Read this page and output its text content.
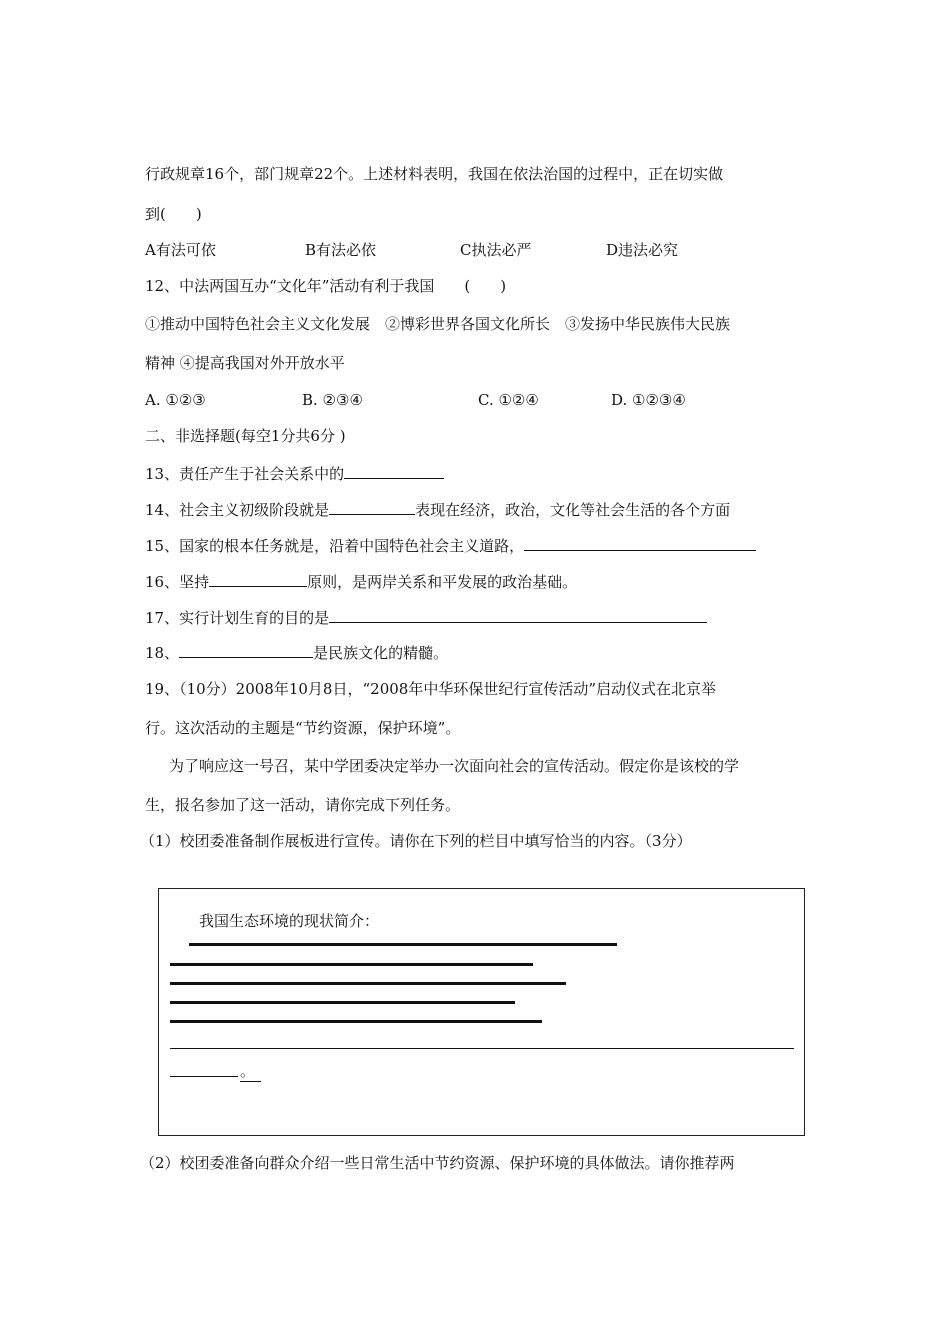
行政规章16个，部门规章22个。上述材料表明，我国在依法治国的过程中，正在切实做
到(　　)
A有法可依	B有法必依	C执法必严	D违法必究
12、中法两国互办“文化年”活动有利于我国　　(　　)
①推动中国特色社会主义文化发展　②博彩世界各国文化所长　③发扬中华民族伟大民族
精神 ④提高我国对外开放水平
A. ①②③	B. ②③④	C. ①②④	D. ①②③④
二、非选择题(每空1分共6分 )
13、责任产生于社会关系中的
14、社会主义初级阶段就是	表现在经济，政治，文化等社会生活的各个方面
15、国家的根本任务就是，沿着中国特色社会主义道路，
16、坚持	原则，是两岸关系和平发展的政治基础。
17、实行计划生育的目的是
18、	是民族文化的精髓。
19、（10分）2008年10月8日，“2008年中华环保世纪行宣传活动”启动仪式在北京举
行。这次活动的主题是“节约资源，保护环境”。
为了响应这一号召，某中学团委决定举办一次面向社会的宣传活动。假定你是该校的学
生，报名参加了这一活动，请你完成下列任务。
（1）校团委准备制作展板进行宣传。请你在下列的栏目中填写恰当的内容。（3分）
我国生态环境的现状简介：
。
（2）校团委准备向群众介绍一些日常生活中节约资源、保护环境的具体做法。请你推荐两
